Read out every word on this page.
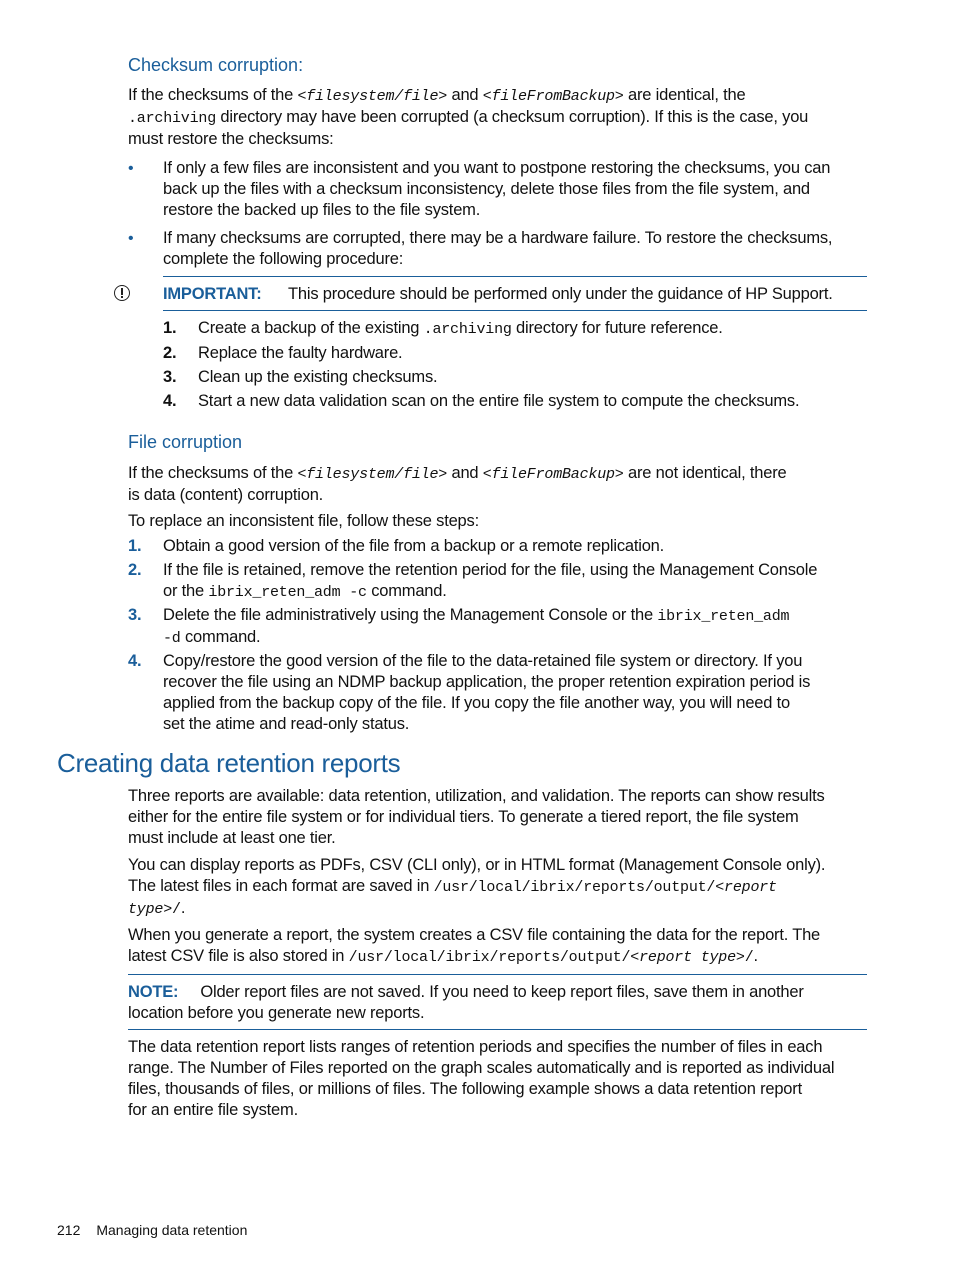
Checksum corruption:
If the checksums of the <filesystem/file> and <fileFromBackup> are identical, the
.archiving directory may have been corrupted (a checksum corruption). If this is the case, you
must restore the checksums:
• If only a few files are inconsistent and you want to postpone restoring the checksums, you can
back up the files with a checksum inconsistency, delete those files from the file system, and
restore the backed up files to the file system.
• If many checksums are corrupted, there may be a hardware failure. To restore the checksums,
complete the following procedure:
IMPORTANT: This procedure should be performed only under the guidance of HP Support.
1. Create a backup of the existing .archiving directory for future reference.
2. Replace the faulty hardware.
3. Clean up the existing checksums.
4. Start a new data validation scan on the entire file system to compute the checksums.
File corruption
If the checksums of the <filesystem/file> and <fileFromBackup> are not identical, there
is data (content) corruption.
To replace an inconsistent file, follow these steps:
1. Obtain a good version of the file from a backup or a remote replication.
2. If the file is retained, remove the retention period for the file, using the Management Console
or the ibrix_reten_adm -c command.
3. Delete the file administratively using the Management Console or the ibrix_reten_adm
-d command.
4. Copy/restore the good version of the file to the data-retained file system or directory. If you
recover the file using an NDMP backup application, the proper retention expiration period is
applied from the backup copy of the file. If you copy the file another way, you will need to
set the atime and read-only status.
Creating data retention reports
Three reports are available: data retention, utilization, and validation. The reports can show results
either for the entire file system or for individual tiers. To generate a tiered report, the file system
must include at least one tier.
You can display reports as PDFs, CSV (CLI only), or in HTML format (Management Console only).
The latest files in each format are saved in /usr/local/ibrix/reports/output/<report
type>/.
When you generate a report, the system creates a CSV file containing the data for the report. The
latest CSV file is also stored in /usr/local/ibrix/reports/output/<report type>/.
NOTE: Older report files are not saved. If you need to keep report files, save them in another
location before you generate new reports.
The data retention report lists ranges of retention periods and specifies the number of files in each
range. The Number of Files reported on the graph scales automatically and is reported as individual
files, thousands of files, or millions of files. The following example shows a data retention report
for an entire file system.
212 Managing data retention
